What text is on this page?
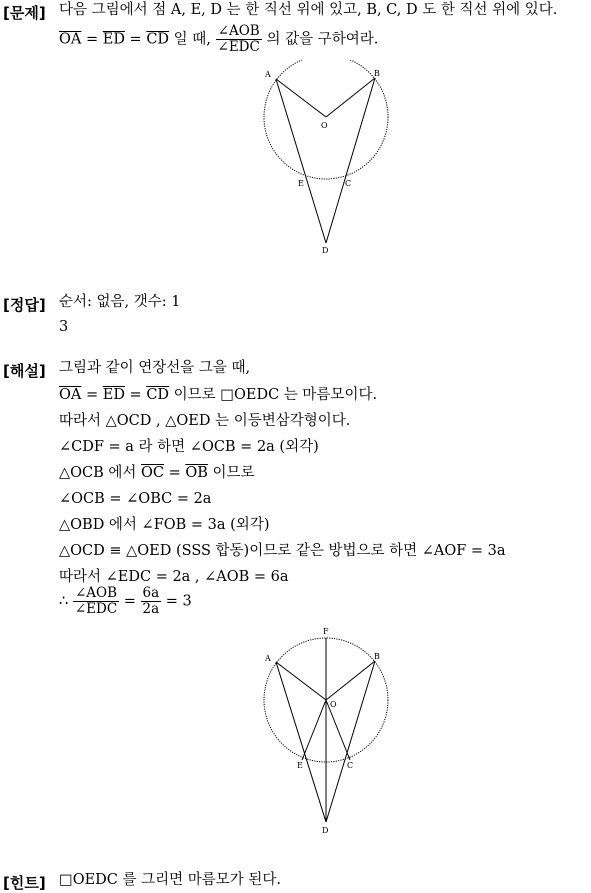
[문제] 다음 그림에서 점 A, E, D 는 한 직선 위에 있고, B, C, D 도 한 직선 위에 있다.
$\overline{OA} = \overline{ED} = \overline{CD}$ 일 때, $\frac{\text{∠AOB}}{\text{∠EDC}}$ 의 값을 구하여라.
A	B
O
E	C
D
[정답] 순서: 없음, 갯수: 1
3
[해설] 그림과 같이 연장선을 그을 때,
$\overline{OA} = \overline{ED} = \overline{CD}$ 이므로 □OEDC 는 마름모이다.
따라서 △OCD , △OED 는 이등변삼각형이다.
∠CDF = a 라 하면 ∠OCB = 2a (외각)
△OCB 에서 $\overline{OC} = \overline{OB}$ 이므로
∠OCB = ∠OBC = 2a
△OBD 에서 ∠FOB = 3a (외각)
△OCD ≡ △OED (SSS 합동)이므로 같은 방법으로 하면 ∠AOF = 3a
따라서 ∠EDC = 2a , ∠AOB = 6a
∴ $\frac{\text{∠AOB}}{\text{∠EDC}} = \frac{6a}{2a} = 3$
F
A	B
O
E	C
D
[힌트] □OEDC 를 그리면 마름모가 된다.
